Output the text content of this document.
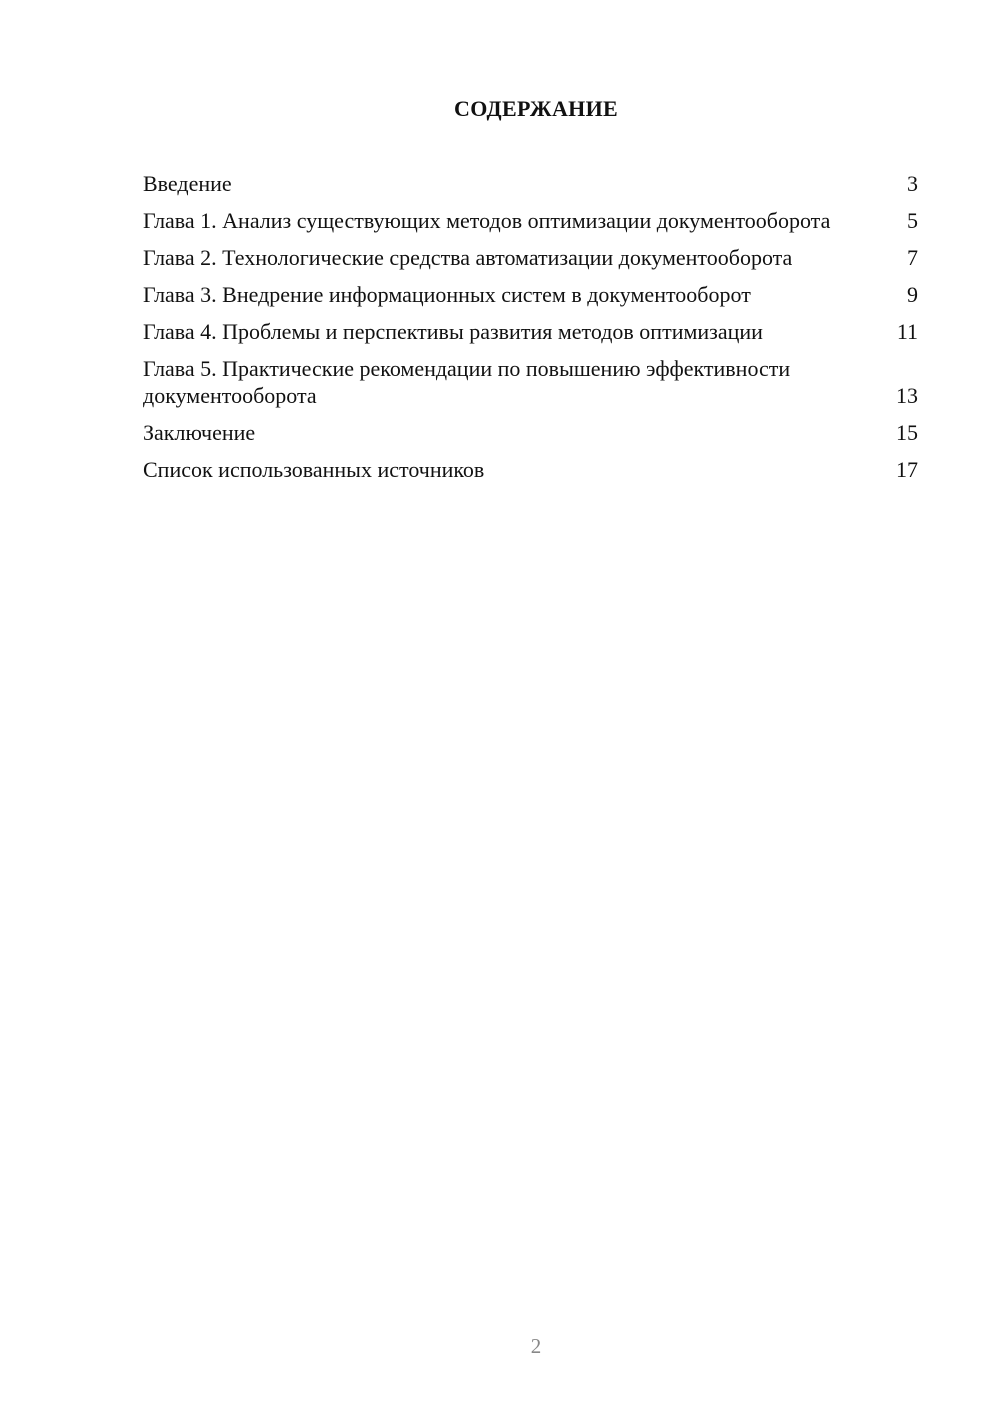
СОДЕРЖАНИЕ
Введение	3
Глава 1. Анализ существующих методов оптимизации документооборота	5
Глава 2. Технологические средства автоматизации документооборота	7
Глава 3. Внедрение информационных систем в документооборот	9
Глава 4. Проблемы и перспективы развития методов оптимизации	11
Глава 5. Практические рекомендации по повышению эффективности документооборота	13
Заключение	15
Список использованных источников	17
2
